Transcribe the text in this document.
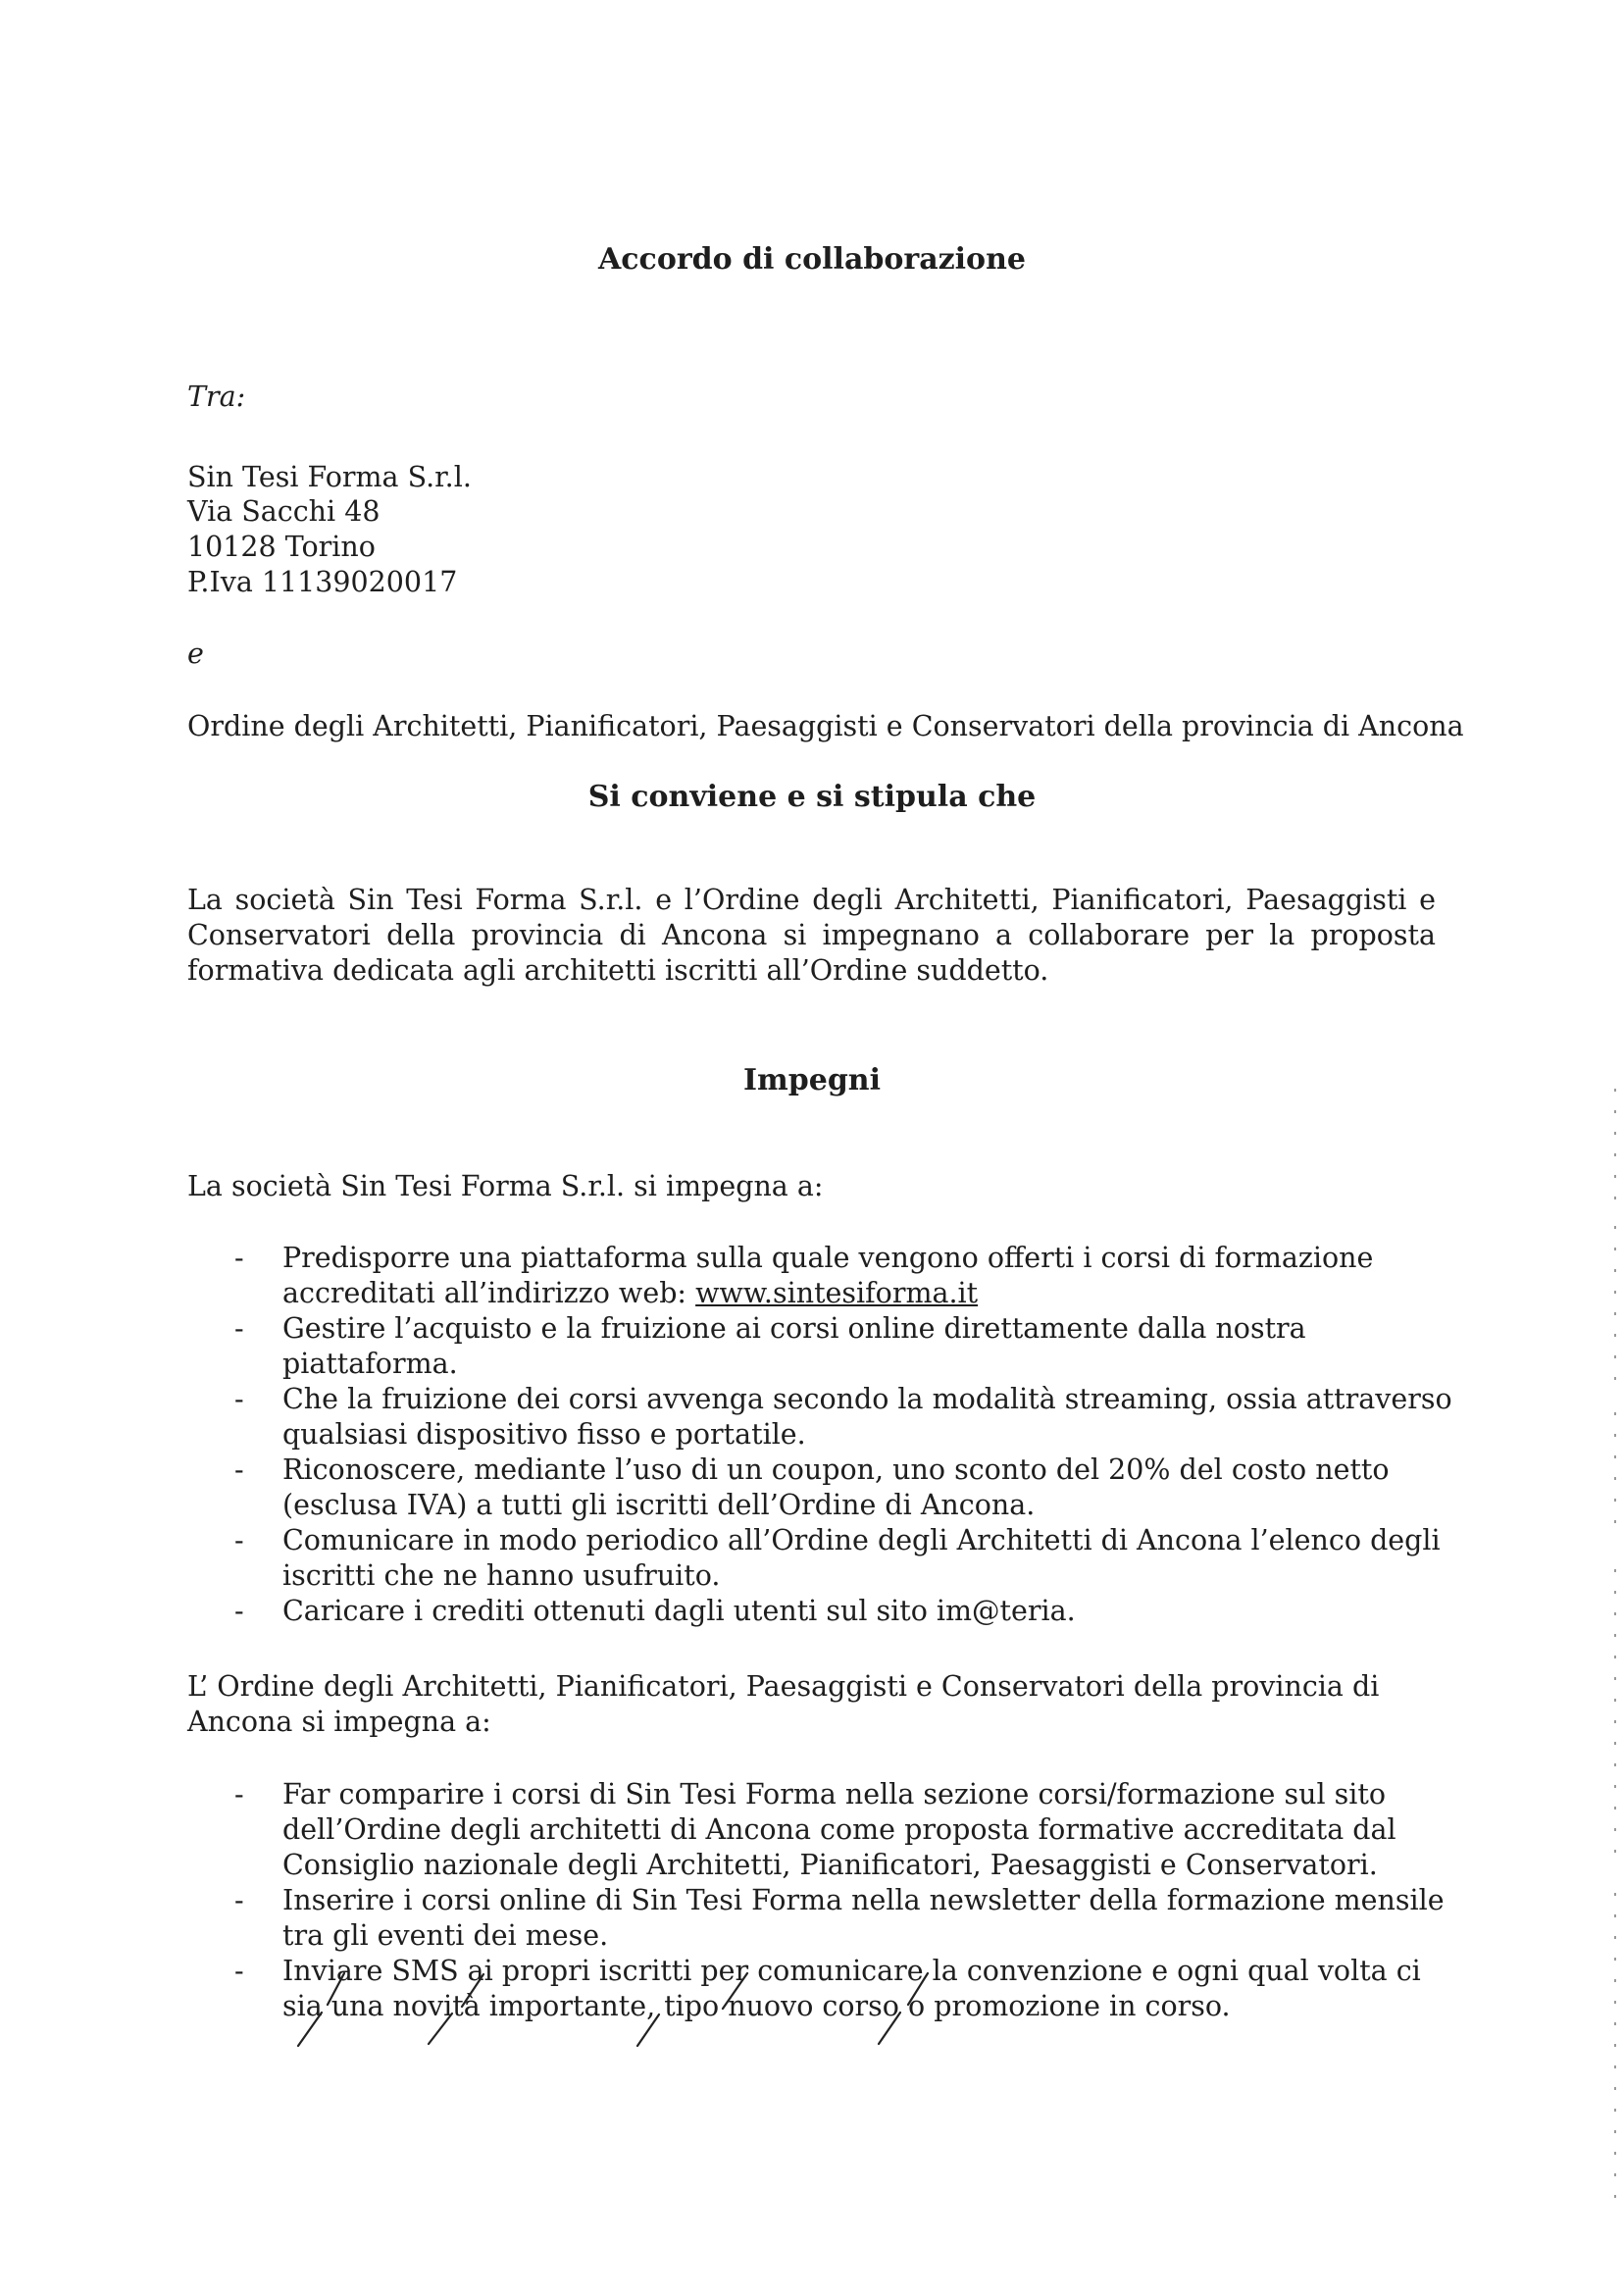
Accordo di collaborazione
Tra:
Sin Tesi Forma S.r.l.
Via Sacchi 48
10128 Torino
P.Iva 11139020017
e
Ordine degli Architetti, Pianificatori, Paesaggisti e Conservatori della provincia di Ancona
Si conviene e si stipula che
La società Sin Tesi Forma S.r.l. e l’Ordine degli Architetti, Pianificatori, Paesaggisti e Conservatori della provincia di Ancona si impegnano a collaborare per la proposta formativa dedicata agli architetti iscritti all’Ordine suddetto.
Impegni
La società Sin Tesi Forma S.r.l. si impegna a:
- Predisporre una piattaforma sulla quale vengono offerti i corsi di formazione accreditati all’indirizzo web: www.sintesiforma.it
- Gestire l’acquisto e la fruizione ai corsi online direttamente dalla nostra piattaforma.
- Che la fruizione dei corsi avvenga secondo la modalità streaming, ossia attraverso qualsiasi dispositivo fisso e portatile.
- Riconoscere, mediante l’uso di un coupon, uno sconto del 20% del costo netto (esclusa IVA) a tutti gli iscritti dell’Ordine di Ancona.
- Comunicare in modo periodico all’Ordine degli Architetti di Ancona l’elenco degli iscritti che ne hanno usufruito.
- Caricare i crediti ottenuti dagli utenti sul sito im@teria.
L’ Ordine degli Architetti, Pianificatori, Paesaggisti e Conservatori della provincia di Ancona si impegna a:
- Far comparire i corsi di Sin Tesi Forma nella sezione corsi/formazione sul sito dell’Ordine degli architetti di Ancona come proposta formative accreditata dal Consiglio nazionale degli Architetti, Pianificatori, Paesaggisti e Conservatori.
- Inserire i corsi online di Sin Tesi Forma nella newsletter della formazione mensile tra gli eventi dei mese.
- Inviare SMS ai propri iscritti per comunicare la convenzione e ogni qual volta ci sia una novità importante, tipo nuovo corso o promozione in corso.
